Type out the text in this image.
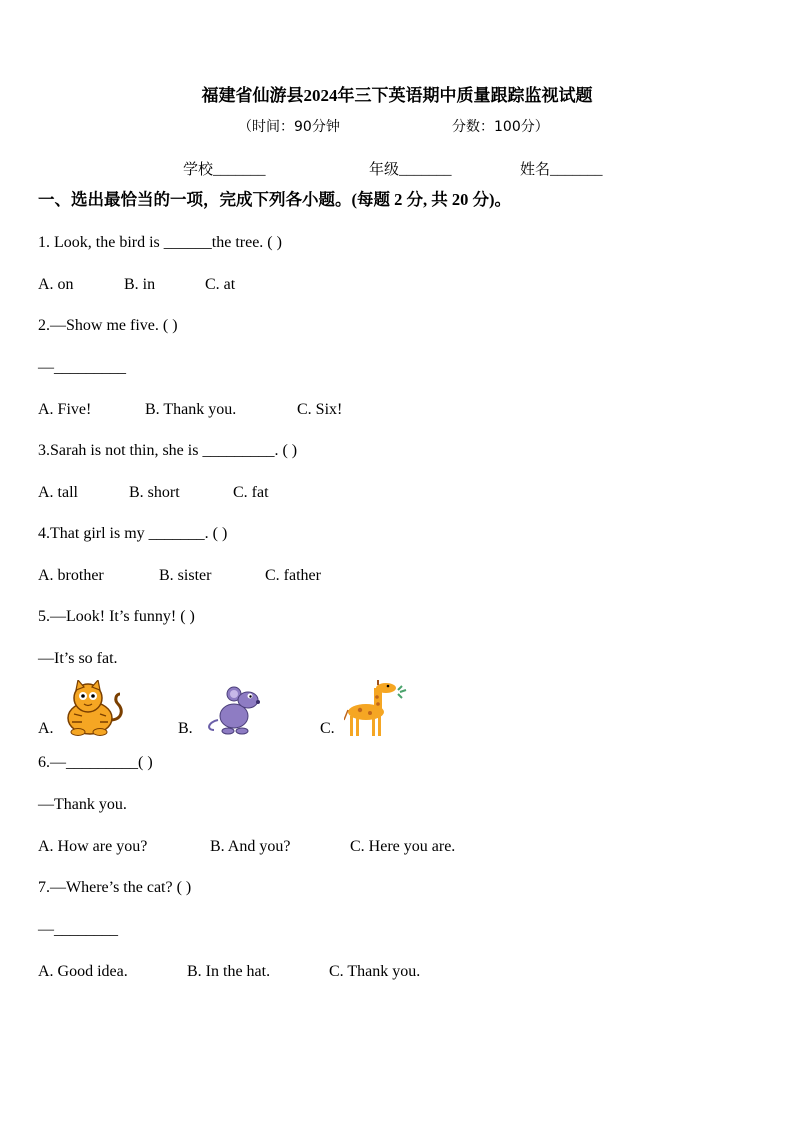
福建省仙游县2024年三下英语期中质量跟踪监视试题
（时间：90分钟	分数：100分）
学校_______	年级_______	姓名_______
一、选出最恰当的一项，完成下列各小题。(每题 2 分, 共 20 分)。
1. Look, the bird is ______the tree. ( )
A. on	B. in	C. at
2.—Show me five. ( )
—_________
A. Five!	B. Thank you.	C. Six!
3.Sarah is not thin, she is _________. ( )
A. tall	B. short	C. fat
4.That girl is my _______. ( )
A. brother	B. sister	C. father
5.—Look! It’s funny! ( )
—It’s so fat.
A.	B.	C.
6.—_________( )
—Thank you.
A. How are you?	B. And you?	C. Here you are.
7.—Where’s the cat? ( )
—________
A. Good idea.	B. In the hat.	C. Thank you.
